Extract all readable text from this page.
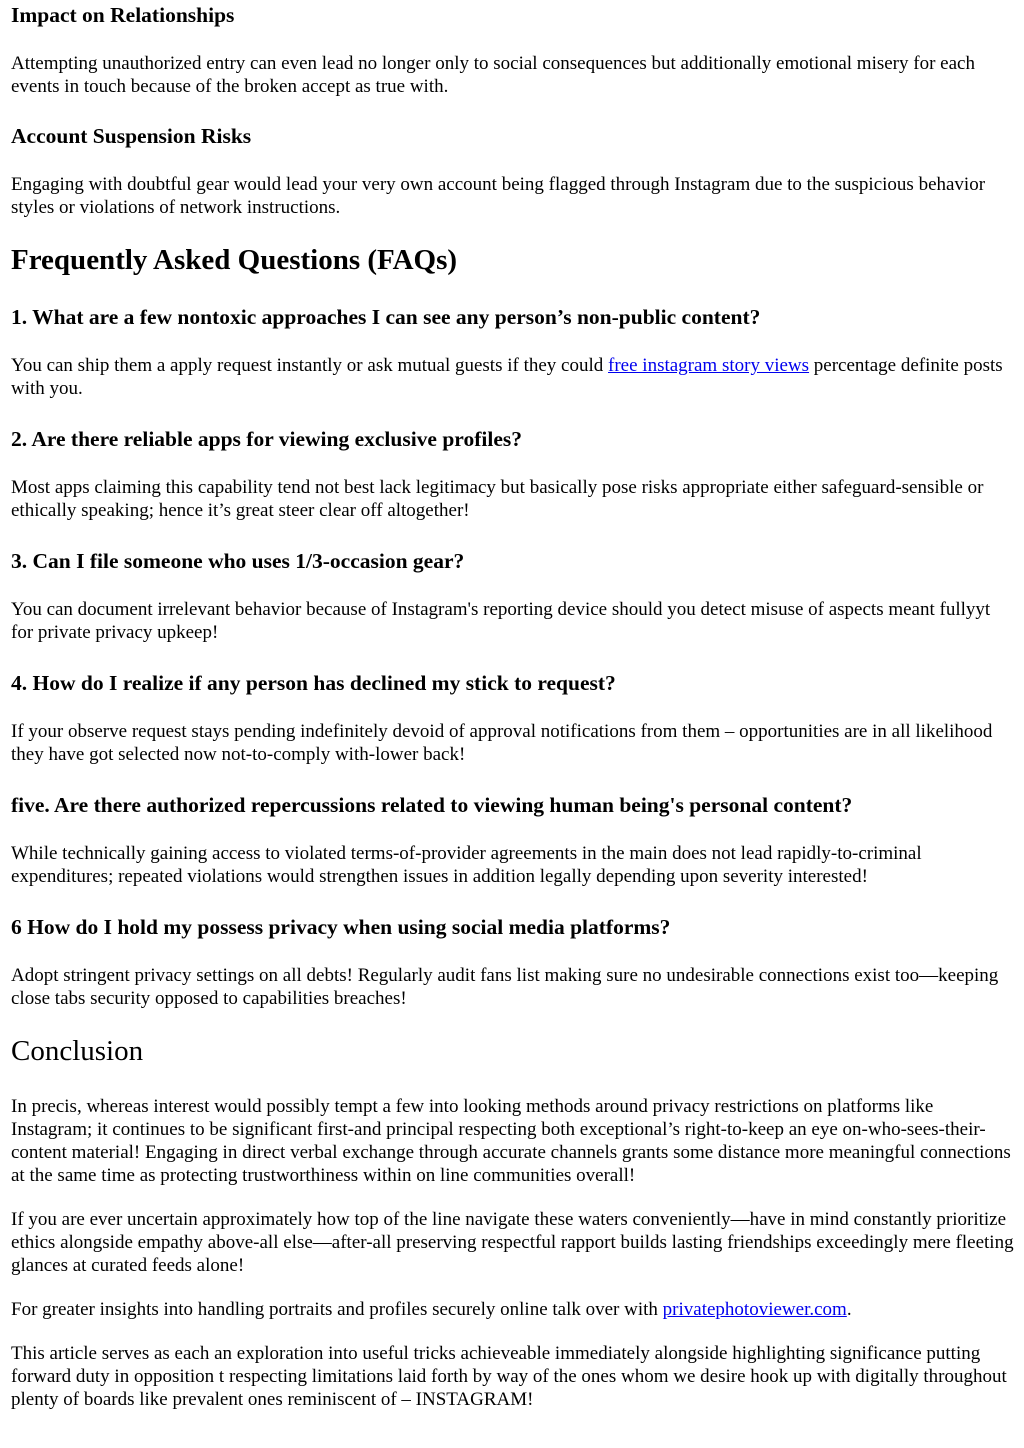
Impact on Relationships

Attempting unauthorized entry can even lead no longer only to social consequences but additionally emotional misery for each events in touch because of the broken accept as true with.

Account Suspension Risks

Engaging with doubtful gear would lead your very own account being flagged through Instagram due to the suspicious behavior styles or violations of network instructions.

Frequently Asked Questions (FAQs)
1. What are a few nontoxic approaches I can see any person’s non-public content?

You can ship them a apply request instantly or ask mutual guests if they could free instagram story views percentage definite posts with you.

2. Are there reliable apps for viewing exclusive profiles?

Most apps claiming this capability tend not best lack legitimacy but basically pose risks appropriate either safeguard-sensible or ethically speaking; hence it’s great steer clear off altogether!

3. Can I file someone who uses 1/3-occasion gear?

You can document irrelevant behavior because of Instagram's reporting device should you detect misuse of aspects meant fullyyt for private privacy upkeep!

4. How do I realize if any person has declined my stick to request?

If your observe request stays pending indefinitely devoid of approval notifications from them – opportunities are in all likelihood they have got selected now not-to-comply with-lower back!

five. Are there authorized repercussions related to viewing human being's personal content?

While technically gaining access to violated terms-of-provider agreements in the main does not lead rapidly-to-criminal expenditures; repeated violations would strengthen issues in addition legally depending upon severity interested!

6 How do I hold my possess privacy when using social media platforms?

Adopt stringent privacy settings on all debts! Regularly audit fans list making sure no undesirable connections exist too—keeping close tabs security opposed to capabilities breaches!

Conclusion

In precis, whereas interest would possibly tempt a few into looking methods around privacy restrictions on platforms like Instagram; it continues to be significant first-and principal respecting both exceptional’s right-to-keep an eye on-who-sees-their-content material! Engaging in direct verbal exchange through accurate channels grants some distance more meaningful connections at the same time as protecting trustworthiness within on line communities overall!

If you are ever uncertain approximately how top of the line navigate these waters conveniently—have in mind constantly prioritize ethics alongside empathy above-all else—after-all preserving respectful rapport builds lasting friendships exceedingly mere fleeting glances at curated feeds alone!

For greater insights into handling portraits and profiles securely online talk over with privatephotoviewer.com.

This article serves as each an exploration into useful tricks achieveable immediately alongside highlighting significance putting forward duty in opposition t respecting limitations laid forth by way of the ones whom we desire hook up with digitally throughout plenty of boards like prevalent ones reminiscent of – INSTAGRAM!
